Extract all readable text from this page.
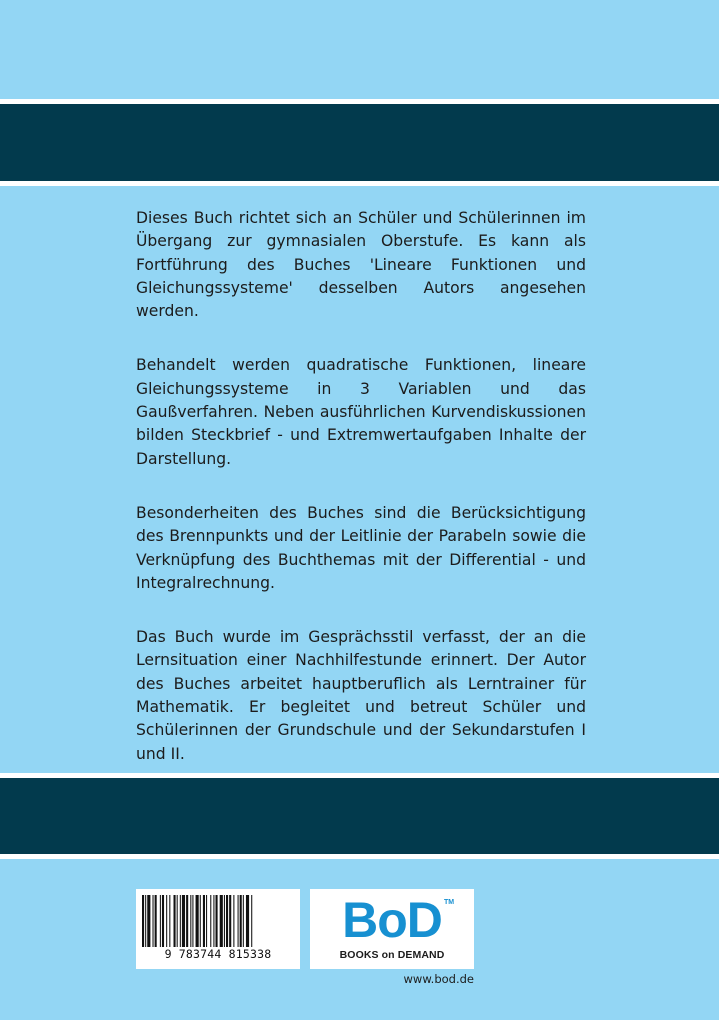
Dieses Buch richtet sich an Schüler und Schülerinnen im Übergang zur gymnasialen Oberstufe. Es kann als Fortführung des Buches 'Lineare Funktionen und Gleichungssysteme' desselben Autors angesehen werden.

Behandelt werden quadratische Funktionen, lineare Gleichungssysteme in 3 Variablen und das Gaußverfahren. Neben ausführlichen Kurvendiskussionen bilden Steckbrief - und Extremwertaufgaben Inhalte der Darstellung.

Besonderheiten des Buches sind die Berücksichtigung des Brennpunkts und der Leitlinie der Parabeln sowie die Verknüpfung des Buchthemas mit der Differential - und Integralrechnung.

Das Buch wurde im Gesprächsstil verfasst, der an die Lernsituation einer Nachhilfestunde erinnert. Der Autor des Buches arbeitet hauptberuflich als Lerntrainer für Mathematik. Er begleitet und betreut Schüler und Schülerinnen der Grundschule und der Sekundarstufen I und II.

9 783744 815338
BoD TM
BOOKS on DEMAND
www.bod.de
